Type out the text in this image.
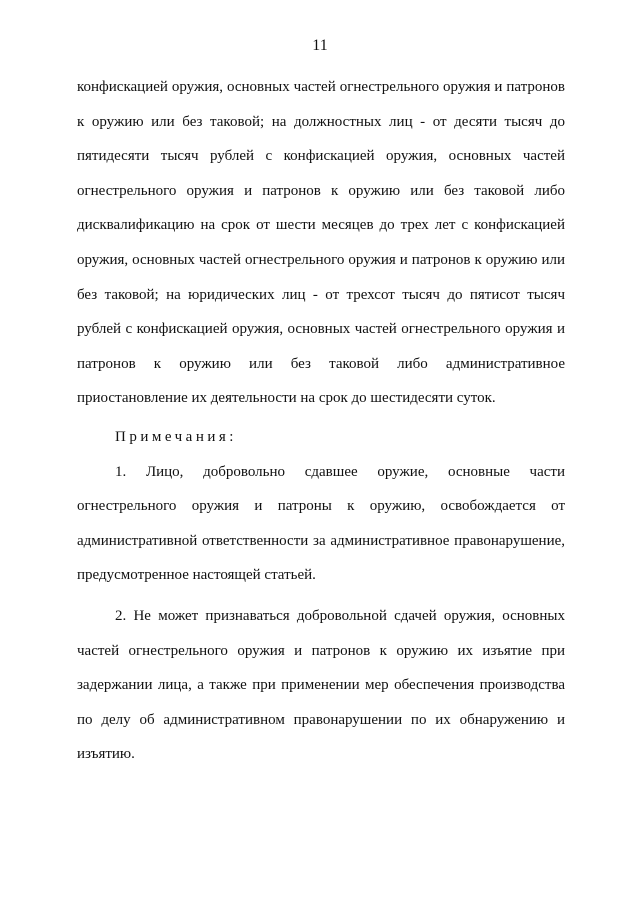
11

конфискацией оружия, основных частей огнестрельного оружия и патронов к оружию или без таковой; на должностных лиц - от десяти тысяч до пятидесяти тысяч рублей с конфискацией оружия, основных частей огнестрельного оружия и патронов к оружию или без таковой либо дисквалификацию на срок от шести месяцев до трех лет с конфискацией оружия, основных частей огнестрельного оружия и патронов к оружию или без таковой; на юридических лиц - от трехсот тысяч до пятисот тысяч рублей с конфискацией оружия, основных частей огнестрельного оружия и патронов к оружию или без таковой либо административное приостановление их деятельности на срок до шестидесяти суток.

Примечания:

1. Лицо, добровольно сдавшее оружие, основные части огнестрельного оружия и патроны к оружию, освобождается от административной ответственности за административное правонарушение, предусмотренное настоящей статьей.

2. Не может признаваться добровольной сдачей оружия, основных частей огнестрельного оружия и патронов к оружию их изъятие при задержании лица, а также при применении мер обеспечения производства по делу об административном правонарушении по их обнаружению и изъятию.
